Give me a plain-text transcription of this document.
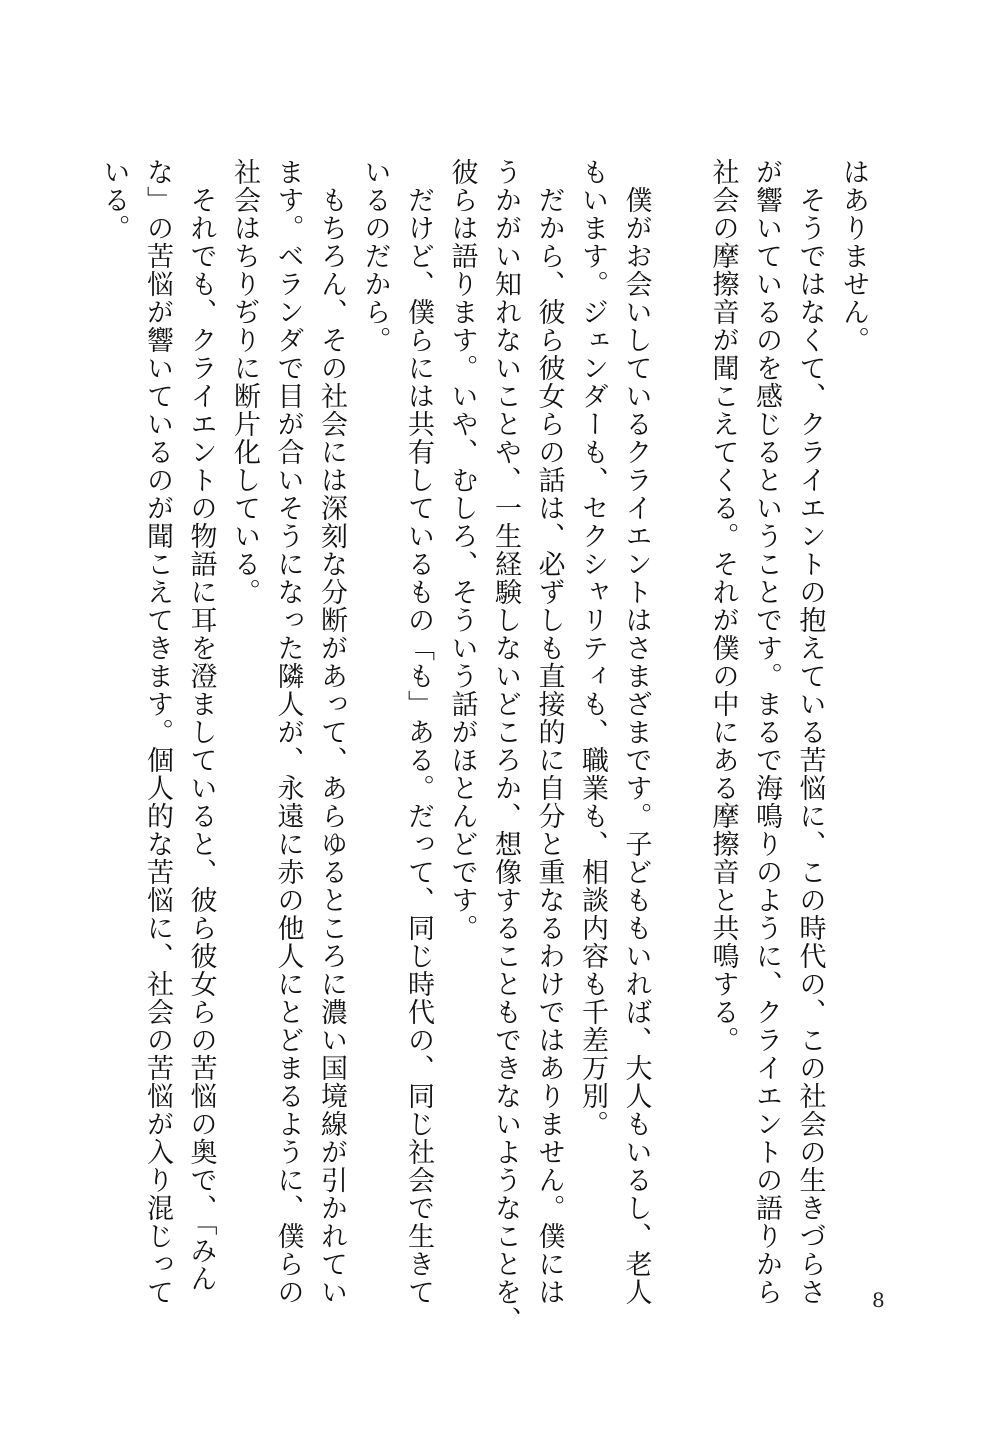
はありません。
　そうではなくて、クライエントの抱えている苦悩に、この時代の、この社会の生きづらさ
が響いているのを感じるということです。まるで海鳴りのように、クライエントの語りから
社会の摩擦音が聞こえてくる。それが僕の中にある摩擦音と共鳴する。
　僕がお会いしているクライエントはさまざまです。子どももいれば、大人もいるし、老人
もいます。ジェンダーも、セクシャリティも、職業も、相談内容も千差万別。
　だから、彼ら彼女らの話は、必ずしも直接的に自分と重なるわけではありません。僕には
うかがい知れないことや、一生経験しないどころか、想像することもできないようなことを、
彼らは語ります。いや、むしろ、そういう話がほとんどです。
　だけど、僕らには共有しているもの「も」ある。だって、同じ時代の、同じ社会で生きて
いるのだから。
　もちろん、その社会には深刻な分断があって、あらゆるところに濃い国境線が引かれてい
ます。ベランダで目が合いそうになった隣人が、永遠に赤の他人にとどまるように、僕らの
社会はちりぢりに断片化している。
　それでも、クライエントの物語に耳を澄ましていると、彼ら彼女らの苦悩の奥で、「みん
な」の苦悩が響いているのが聞こえてきます。個人的な苦悩に、社会の苦悩が入り混じって
いる。
8
